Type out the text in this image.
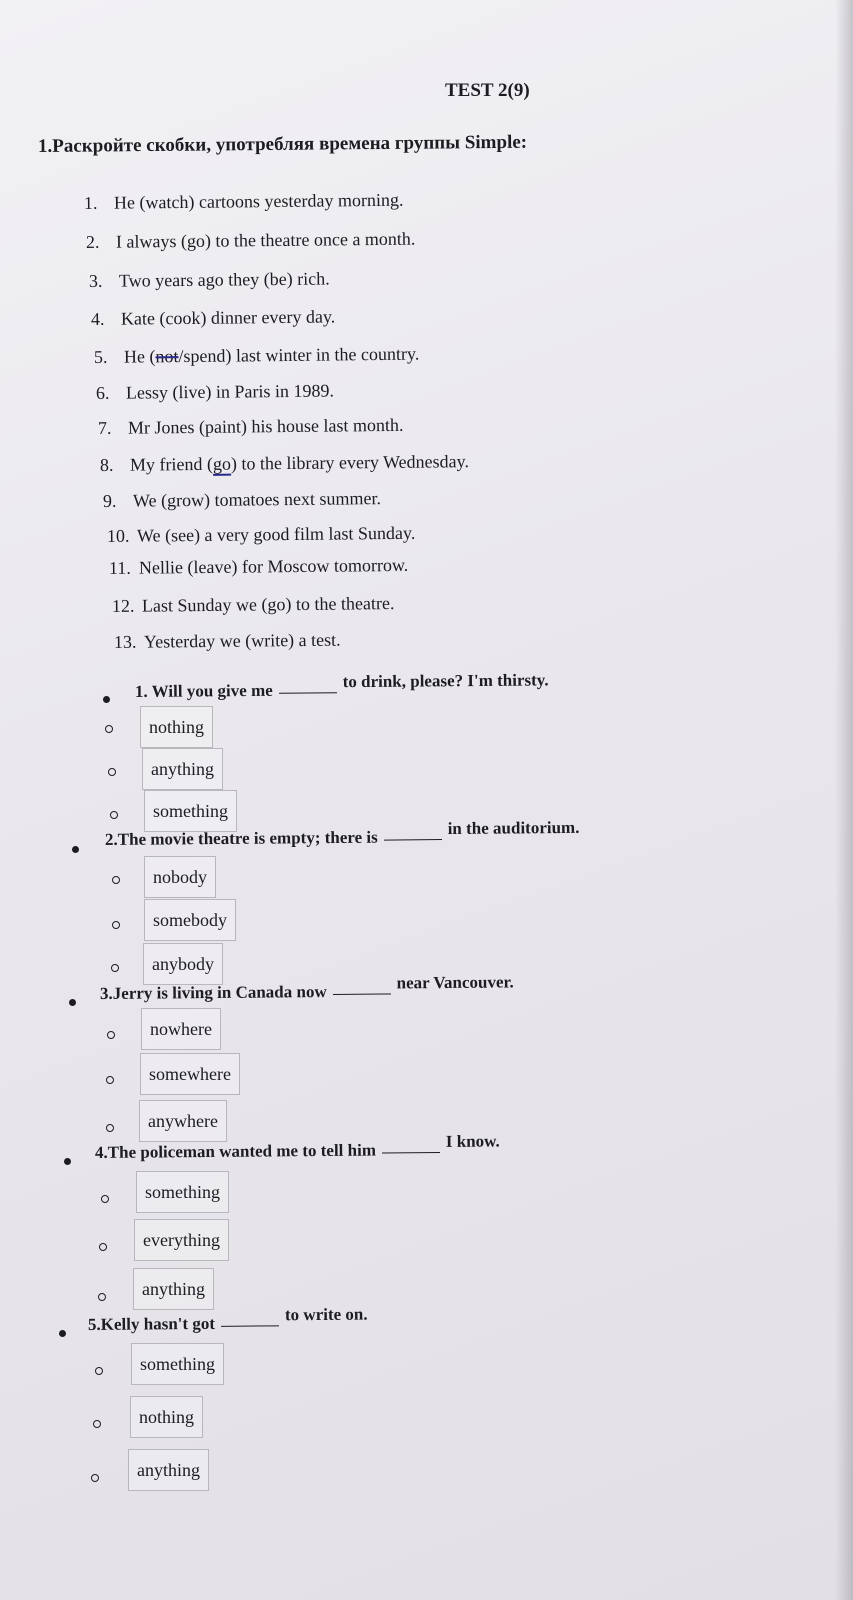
TEST 2(9)
1.Раскройте скобки, употребляя времена группы Simple:
1. He (watch) cartoons yesterday morning.
2. I always (go) to the theatre once a month.
3. Two years ago they (be) rich.
4. Kate (cook) dinner every day.
5. He (not/spend) last winter in the country.
6. Lessy (live) in Paris in 1989.
7. Mr Jones (paint) his house last month.
8. My friend (go) to the library every Wednesday.
9. We (grow) tomatoes next summer.
10. We (see) a very good film last Sunday.
11. Nellie (leave) for Moscow tomorrow.
12. Last Sunday we (go) to the theatre.
13. Yesterday we (write) a test.
1. Will you give me	to drink, please? I'm thirsty.
nothing
anything
something
2.The movie theatre is empty; there is	in the auditorium.
nobody
somebody
anybody
3.Jerry is living in Canada now	near Vancouver.
nowhere
somewhere
anywhere
4.The policeman wanted me to tell him	I know.
something
everything
anything
5.Kelly hasn't got	to write on.
something
nothing
anything
